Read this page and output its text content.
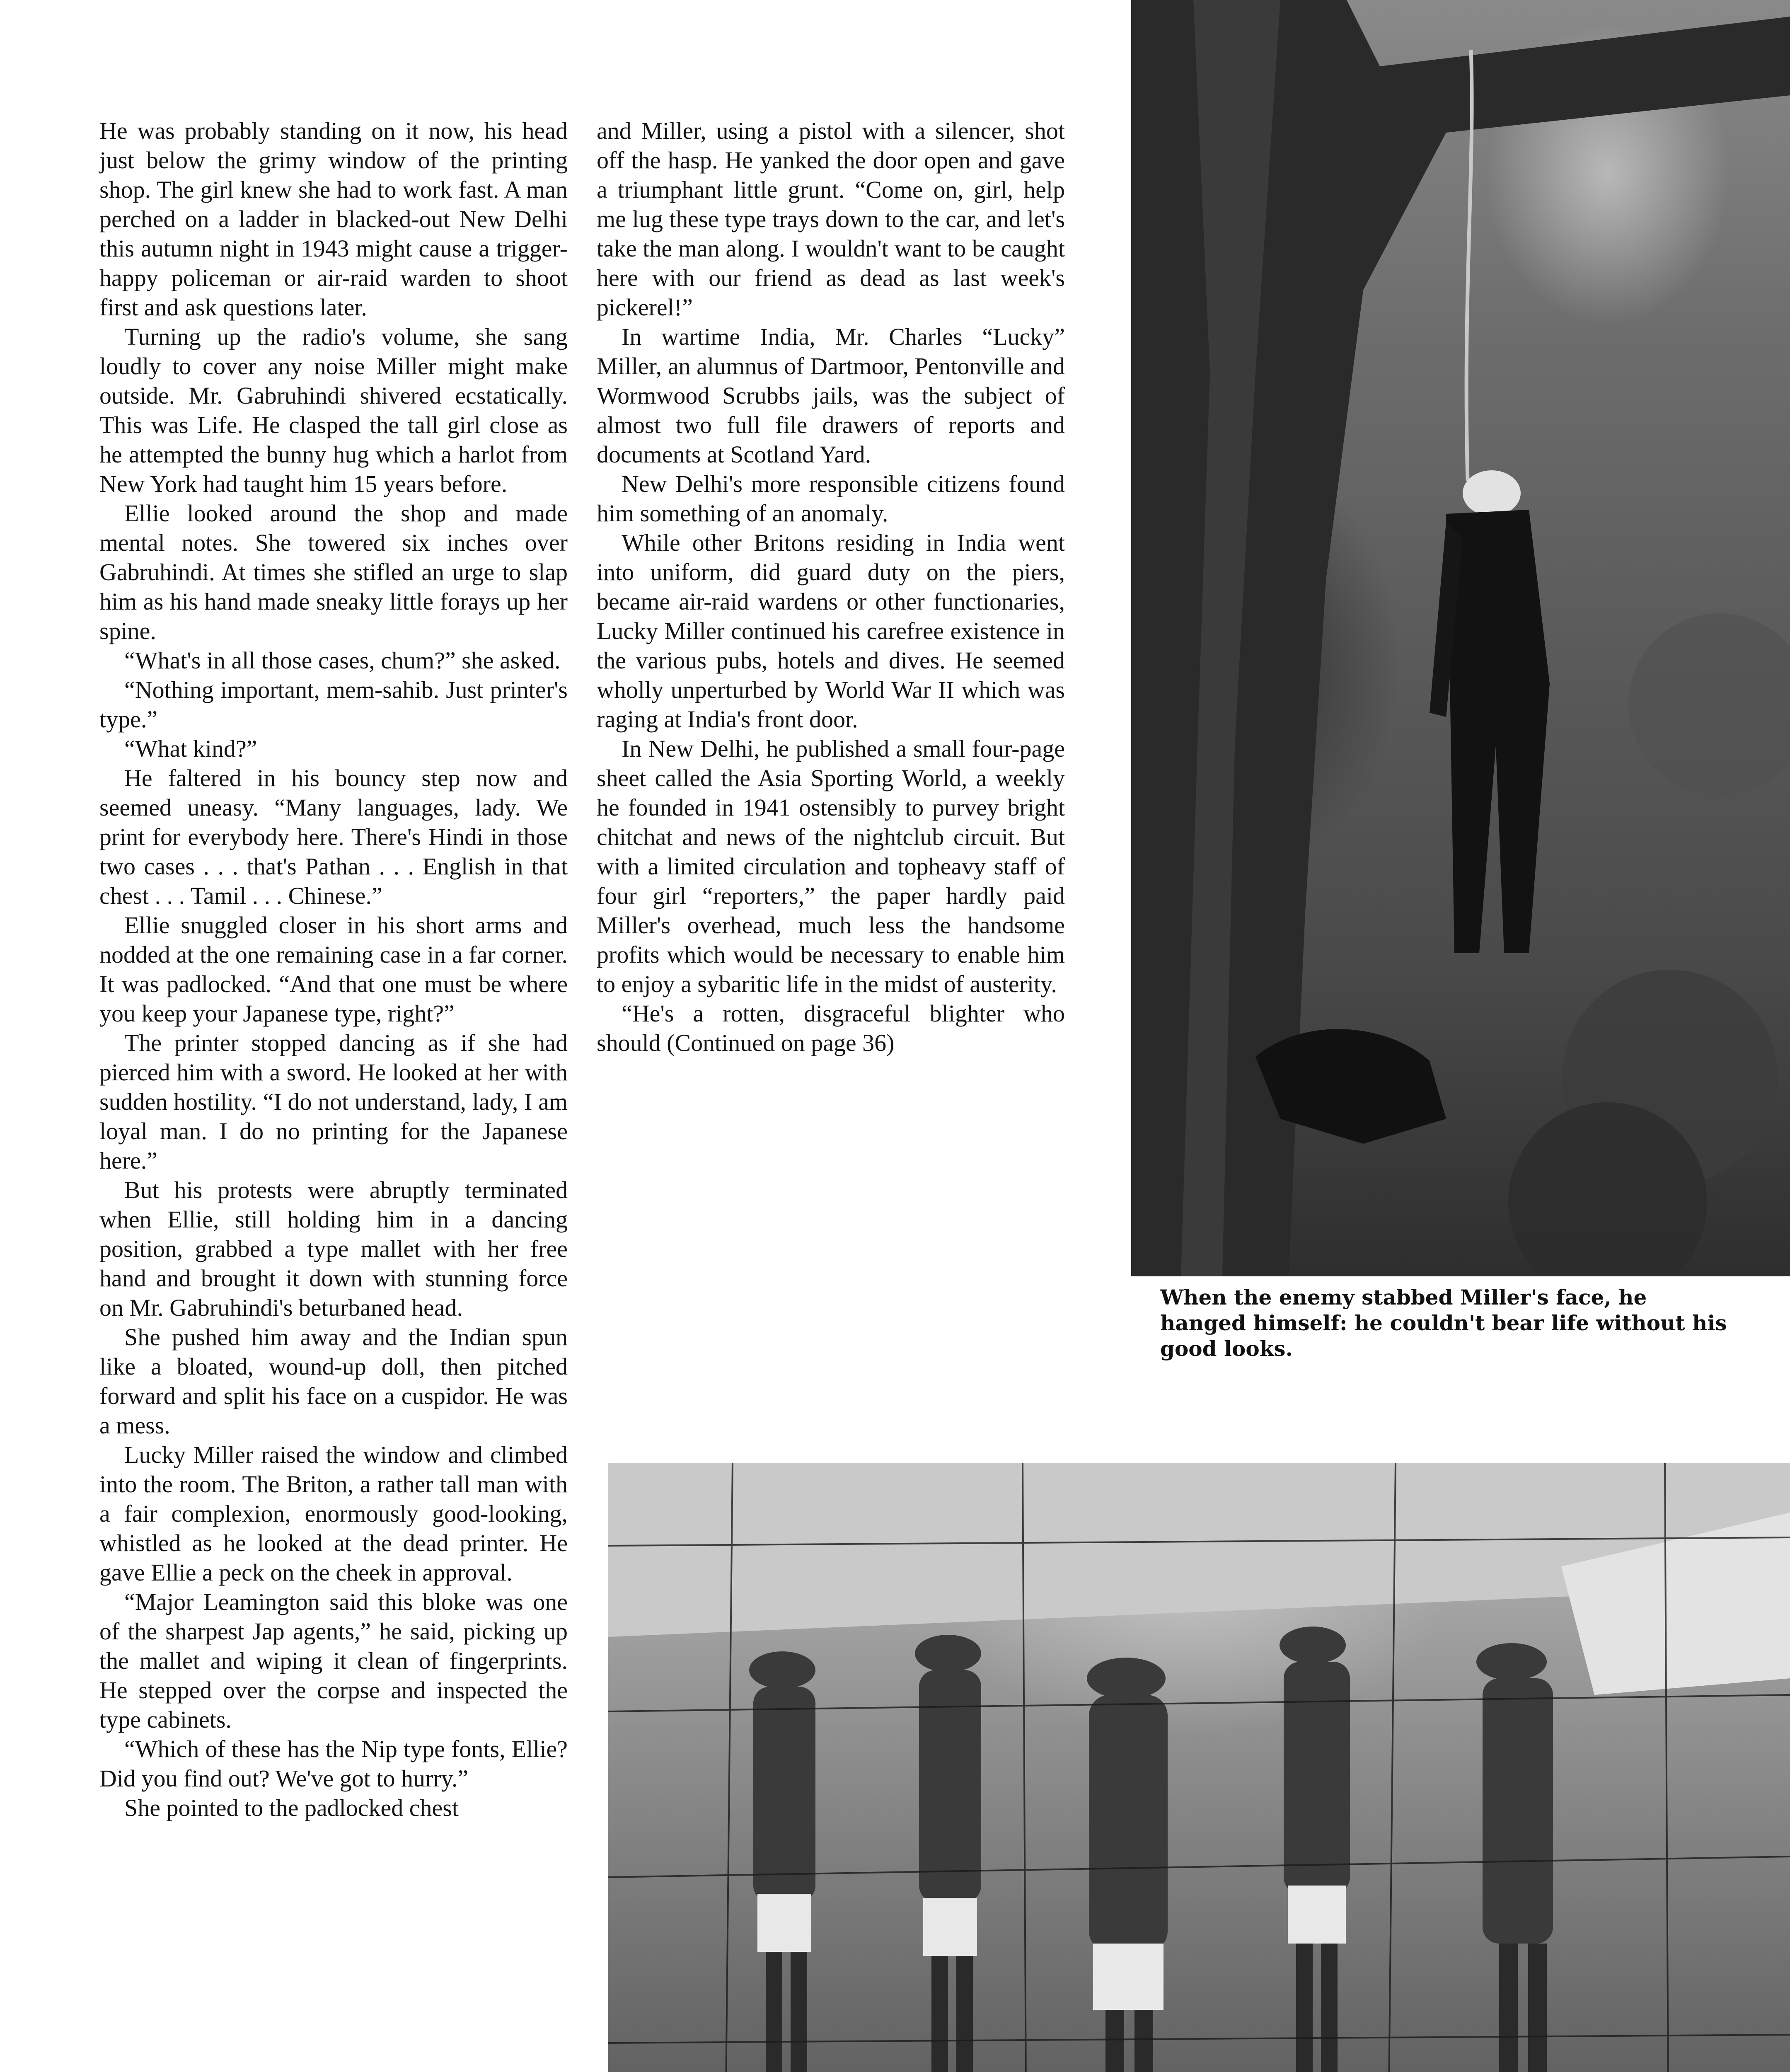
He was probably standing on it now, his head just below the grimy window of the printing shop. The girl knew she had to work fast. A man perched on a ladder in blacked-out New Delhi this autumn night in 1943 might cause a trigger-happy policeman or air-raid warden to shoot first and ask questions later.

Turning up the radio's volume, she sang loudly to cover any noise Miller might make outside. Mr. Gabruhindi shivered ecstatically. This was Life. He clasped the tall girl close as he attempted the bunny hug which a harlot from New York had taught him 15 years before.

Ellie looked around the shop and made mental notes. She towered six inches over Gabruhindi. At times she stifled an urge to slap him as his hand made sneaky little forays up her spine.

“What's in all those cases, chum?” she asked.

“Nothing important, mem-sahib. Just printer's type.”

“What kind?”

He faltered in his bouncy step now and seemed uneasy. “Many languages, lady. We print for everybody here. There's Hindi in those two cases . . . that's Pathan . . . English in that chest . . . Tamil . . . Chinese.”

Ellie snuggled closer in his short arms and nodded at the one remaining case in a far corner. It was padlocked. “And that one must be where you keep your Japanese type, right?”

The printer stopped dancing as if she had pierced him with a sword. He looked at her with sudden hostility. “I do not understand, lady, I am loyal man. I do no printing for the Japanese here.”

But his protests were abruptly terminated when Ellie, still holding him in a dancing position, grabbed a type mallet with her free hand and brought it down with stunning force on Mr. Gabruhindi's beturbaned head.

She pushed him away and the Indian spun like a bloated, wound-up doll, then pitched forward and split his face on a cuspidor. He was a mess.

Lucky Miller raised the window and climbed into the room. The Briton, a rather tall man with a fair complexion, enormously good-looking, whistled as he looked at the dead printer. He gave Ellie a peck on the cheek in approval.

“Major Leamington said this bloke was one of the sharpest Jap agents,” he said, picking up the mallet and wiping it clean of fingerprints. He stepped over the corpse and inspected the type cabinets.

“Which of these has the Nip type fonts, Ellie? Did you find out? We've got to hurry.”

She pointed to the padlocked chest

and Miller, using a pistol with a silencer, shot off the hasp. He yanked the door open and gave a triumphant little grunt. “Come on, girl, help me lug these type trays down to the car, and let's take the man along. I wouldn't want to be caught here with our friend as dead as last week's pickerel!”

In wartime India, Mr. Charles “Lucky” Miller, an alumnus of Dartmoor, Pentonville and Wormwood Scrubbs jails, was the subject of almost two full file drawers of reports and documents at Scotland Yard.

New Delhi's more responsible citizens found him something of an anomaly.

While other Britons residing in India went into uniform, did guard duty on the piers, became air-raid wardens or other functionaries, Lucky Miller continued his carefree existence in the various pubs, hotels and dives. He seemed wholly unperturbed by World War II which was raging at India's front door.

In New Delhi, he published a small four-page sheet called the Asia Sporting World, a weekly he founded in 1941 ostensibly to purvey bright chitchat and news of the nightclub circuit. But with a limited circulation and topheavy staff of four girl “reporters,” the paper hardly paid Miller's overhead, much less the handsome profits which would be necessary to enable him to enjoy a sybaritic life in the midst of austerity.

“He's a rotten, disgraceful blighter who should (Continued on page 36)

When the enemy stabbed Miller's face, he hanged himself: he couldn't bear life without his good looks.
